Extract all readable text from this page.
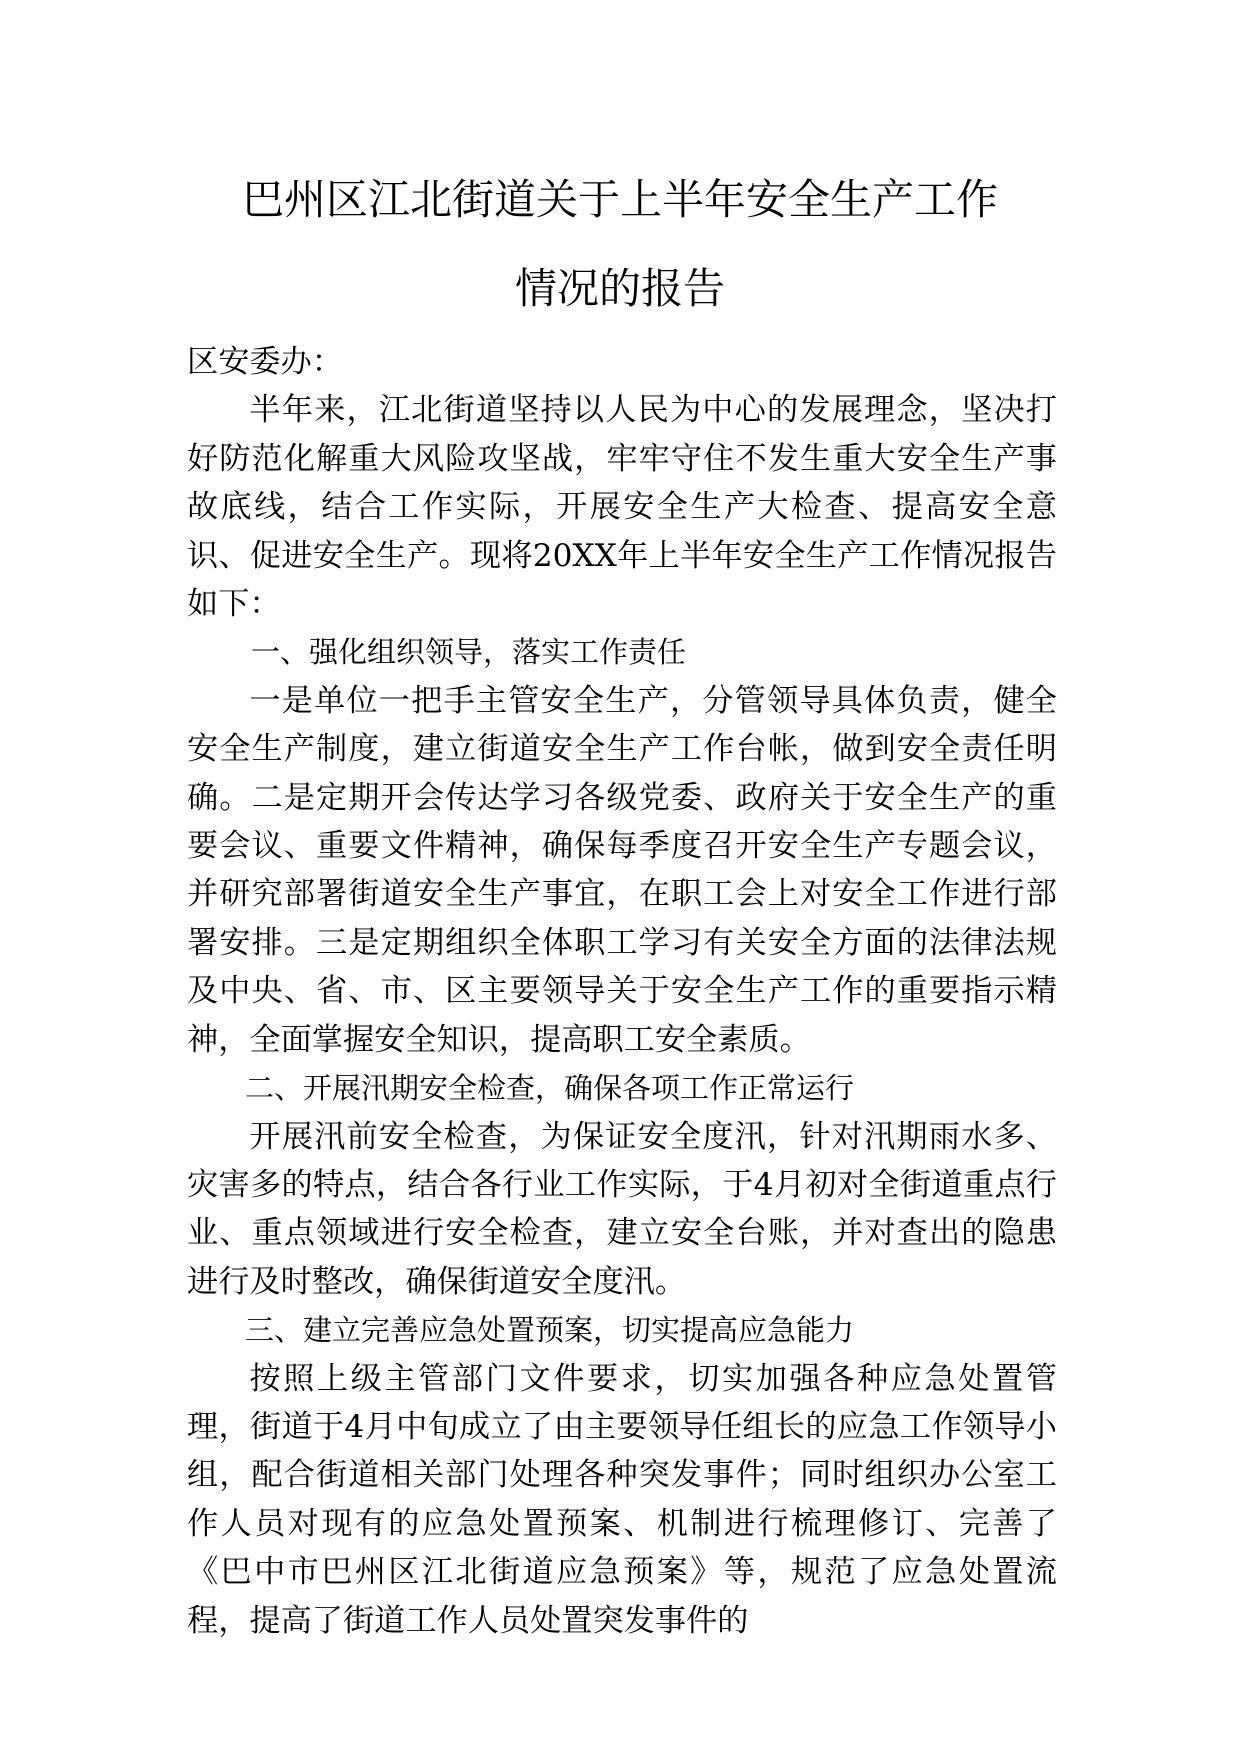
巴州区江北街道关于上半年安全生产工作
情况的报告

区安委办：

半年来，江北街道坚持以人民为中心的发展理念，坚决打好防范化解重大风险攻坚战，牢牢守住不发生重大安全生产事故底线，结合工作实际，开展安全生产大检查、提高安全意识、促进安全生产。现将20XX年上半年安全生产工作情况报告如下：

一、强化组织领导，落实工作责任

一是单位一把手主管安全生产，分管领导具体负责，健全安全生产制度，建立街道安全生产工作台帐，做到安全责任明确。二是定期开会传达学习各级党委、政府关于安全生产的重要会议、重要文件精神，确保每季度召开安全生产专题会议，并研究部署街道安全生产事宜，在职工会上对安全工作进行部署安排。三是定期组织全体职工学习有关安全方面的法律法规及中央、省、市、区主要领导关于安全生产工作的重要指示精神，全面掌握安全知识，提高职工安全素质。

二、开展汛期安全检查，确保各项工作正常运行

开展汛前安全检查，为保证安全度汛，针对汛期雨水多、灾害多的特点，结合各行业工作实际，于4月初对全街道重点行业、重点领域进行安全检查，建立安全台账，并对查出的隐患进行及时整改，确保街道安全度汛。

三、建立完善应急处置预案，切实提高应急能力

按照上级主管部门文件要求，切实加强各种应急处置管理，街道于4月中旬成立了由主要领导任组长的应急工作领导小组，配合街道相关部门处理各种突发事件；同时组织办公室工作人员对现有的应急处置预案、机制进行梳理修订、完善了《巴中市巴州区江北街道应急预案》等，规范了应急处置流程，提高了街道工作人员处置突发事件的
